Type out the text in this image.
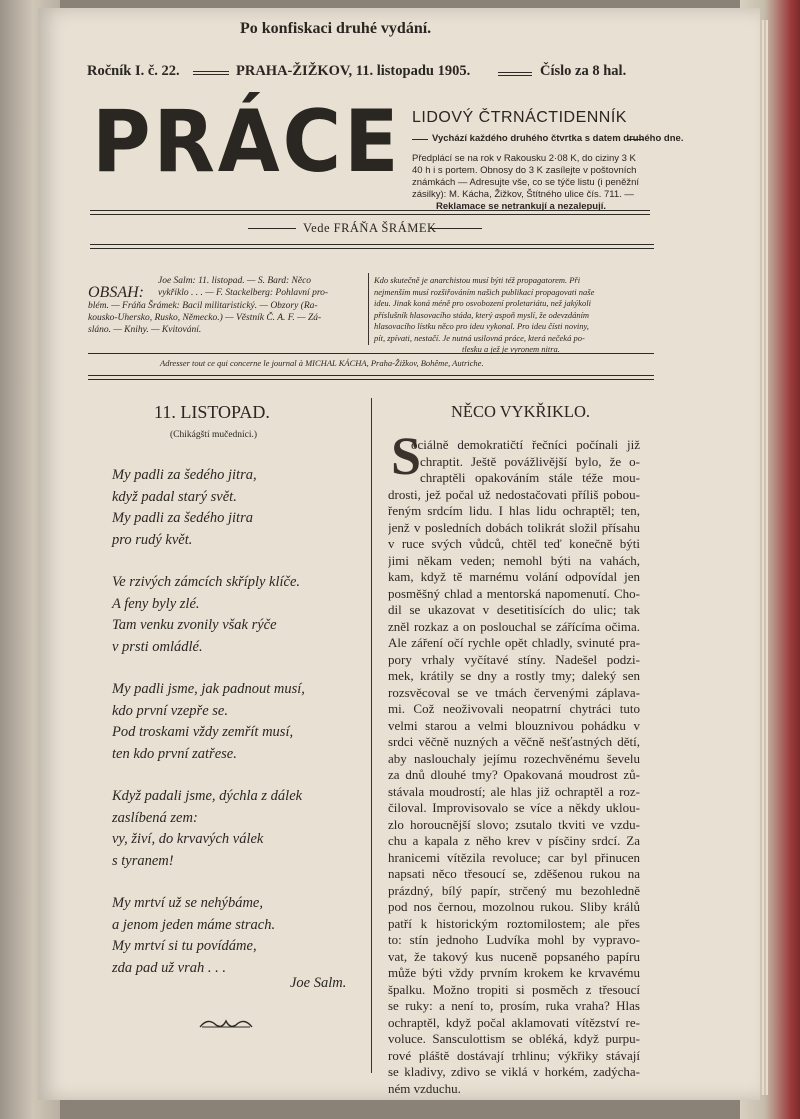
Po konfiskaci druhé vydání.
Ročník I. č. 22.	PRAHA-ŽIŽKOV, 11. listopadu 1905.	Číslo za 8 hal.
PRÁCE LIDOVÝ ČTRNÁCTIDENNÍK
Vychází každého druhého čtvrtka s datem druhého dne.
Předplácí se na rok v Rakousku 2·08 K, do ciziny 3 K
40 h i s portem. Obnosy do 3 K zasílejte v poštovních
známkách — Adresujte vše, co se týče listu (i peněžní
zásilky): M. Kácha, Žižkov, Štítného ulice čís. 711. —
Reklamace se netrankují a nezalepují.
Vede FRÁŇA ŠRÁMEK
OBSAH:
Joe Salm: 11. listopad. — S. Bard: Něco
vykřiklo . . . — F. Stackelberg: Pohlavní pro-
blém. — Fráňa Šrámek: Bacil militaristický. — Obzory (Ra-
kousko-Uhersko, Rusko, Německo.) — Věstník Č. A. F. — Zá-
sláno. — Knihy. — Kvitování.
Kdo skutečně je anarchistou musí býti též propagatorem. Při
nejmenším musí rozšiřováním našich publikací propagovati naše
ideu. Jinak koná méně pro osvobození proletariátu, než jakýkoli
příslušník hlasovacího stáda, který aspoň myslí, že odevzdáním
hlasovacího lístku něco pro ideu vykonal. Pro ideu čísti noviny,
pít, zpívati, nestačí. Je nutná usilovná práce, která nečeká po-
tlesku a jež je vyronem nitra.
Adresser tout ce qui concerne le journal à MICHAL KÁCHA, Praha-Žižkov, Bohême, Autriche.
11. LISTOPAD.
(Chikágští mučedníci.)
My padli za šedého jitra,
když padal starý svět.
My padli za šedého jitra
pro rudý květ.
Ve rzivých zámcích skříply klíče.
A feny byly zlé.
Tam venku zvonily však rýče
v prsti omládlé.
My padli jsme, jak padnout musí,
kdo první vzepře se.
Pod troskami vždy zemřít musí,
ten kdo první zatřese.
Když padali jsme, dýchla z dálek
zaslíbená zem:
vy, živí, do krvavých válek
s tyranem!
My mrtví už se nehýbáme,
a jenom jeden máme strach.
My mrtví si tu povídáme,
zda pad už vrah . . .
Joe Salm.
NĚCO VYKŘIKLO.
S
ociálně demokratičtí řečníci počínali již
chraptit. Ještě povážlivější bylo, že o-
chraptěli opakováním stále téže mou-
drosti, jež počal už nedostačovati příliš pobou-
řeným srdcím lidu. I hlas lidu ochraptěl; ten,
jenž v posledních dobách tolikrát složil přísahu
v ruce svých vůdců, chtěl teď konečně býti
jimi někam veden; nemohl býti na vahách,
kam, když tě marnému volání odpovídal jen
posměšný chlad a mentorská napomenutí. Cho-
dil se ukazovat v desetitisících do ulic; tak
zněl rozkaz a on poslouchal se zářícíma očima.
Ale záření očí rychle opět chladly, svinuté pra-
pory vrhaly vyčítavé stíny. Nadešel podzi-
mek, krátily se dny a rostly tmy; daleký sen
rozsvěcoval se ve tmách červenými záplava-
mi. Což neoživovali neopatrní chytráci tuto
velmi starou a velmi blouznivou pohádku v
srdci věčně nuzných a věčně nešťastných dětí,
aby naslouchaly jejímu rozechvěnému ševelu
za dnů dlouhé tmy? Opakovaná moudrost zů-
stávala moudrostí; ale hlas již ochraptěl a roz-
čiloval. Improvisovalo se více a někdy uklou-
zlo horoucnější slovo; zsutalo tkviti ve vzdu-
chu a kapala z něho krev v písčiny srdcí. Za
hranicemi vítězila revoluce; car byl přinucen
napsati něco třesoucí se, zděšenou rukou na
prázdný, bílý papír, strčený mu bezohledně
pod nos černou, mozolnou rukou. Sliby králů
patří k historickým roztomilostem; ale přes
to: stín jednoho Ludvíka mohl by vypravo-
vat, že takový kus nuceně popsaného papíru
může býti vždy prvním krokem ke krvavému
špalku. Možno tropiti si posměch z třesoucí
se ruky: a není to, prosím, ruka vraha? Hlas
ochraptěl, když počal aklamovati vítězství re-
voluce. Sansculottism se obléká, když purpu-
rové pláště dostávají trhlinu; výkřiky stávají
se kladivy, zdivo se viklá v horkém, zadýcha-
ném vzduchu.
